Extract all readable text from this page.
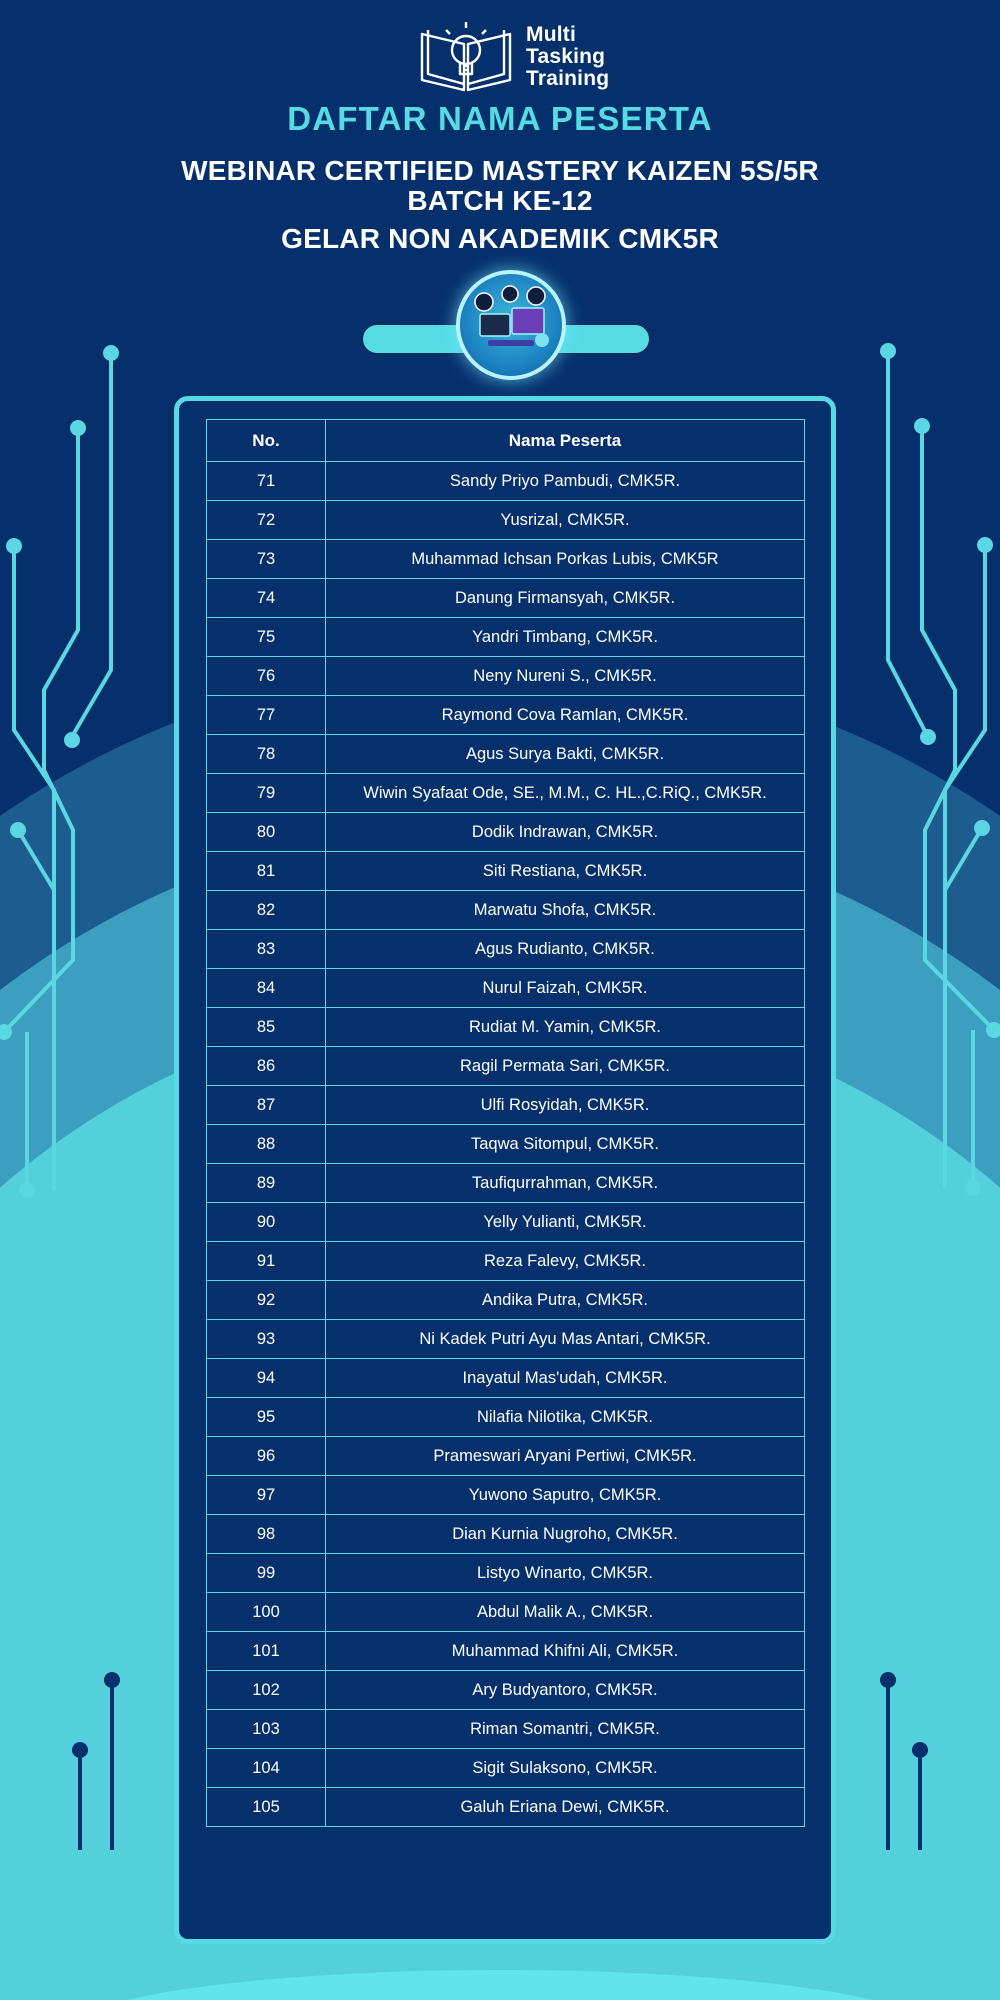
Multi
Tasking
Training
DAFTAR NAMA PESERTA
WEBINAR CERTIFIED MASTERY KAIZEN 5S/5R
BATCH KE-12
GELAR NON AKADEMIK CMK5R
No.	Nama Peserta
71	Sandy Priyo Pambudi, CMK5R.
72	Yusrizal, CMK5R.
73	Muhammad Ichsan Porkas Lubis, CMK5R
74	Danung Firmansyah, CMK5R.
75	Yandri Timbang, CMK5R.
76	Neny Nureni S., CMK5R.
77	Raymond Cova Ramlan, CMK5R.
78	Agus Surya Bakti, CMK5R.
79	Wiwin Syafaat Ode, SE., M.M., C. HL.,C.RiQ., CMK5R.
80	Dodik Indrawan, CMK5R.
81	Siti Restiana, CMK5R.
82	Marwatu Shofa, CMK5R.
83	Agus Rudianto, CMK5R.
84	Nurul Faizah, CMK5R.
85	Rudiat M. Yamin, CMK5R.
86	Ragil Permata Sari, CMK5R.
87	Ulfi Rosyidah, CMK5R.
88	Taqwa Sitompul, CMK5R.
89	Taufiqurrahman, CMK5R.
90	Yelly Yulianti, CMK5R.
91	Reza Falevy, CMK5R.
92	Andika Putra, CMK5R.
93	Ni Kadek Putri Ayu Mas Antari, CMK5R.
94	Inayatul Mas'udah, CMK5R.
95	Nilafia Nilotika, CMK5R.
96	Prameswari Aryani Pertiwi, CMK5R.
97	Yuwono Saputro, CMK5R.
98	Dian Kurnia Nugroho, CMK5R.
99	Listyo Winarto, CMK5R.
100	Abdul Malik A., CMK5R.
101	Muhammad Khifni Ali, CMK5R.
102	Ary Budyantoro, CMK5R.
103	Riman Somantri, CMK5R.
104	Sigit Sulaksono, CMK5R.
105	Galuh Eriana Dewi, CMK5R.
